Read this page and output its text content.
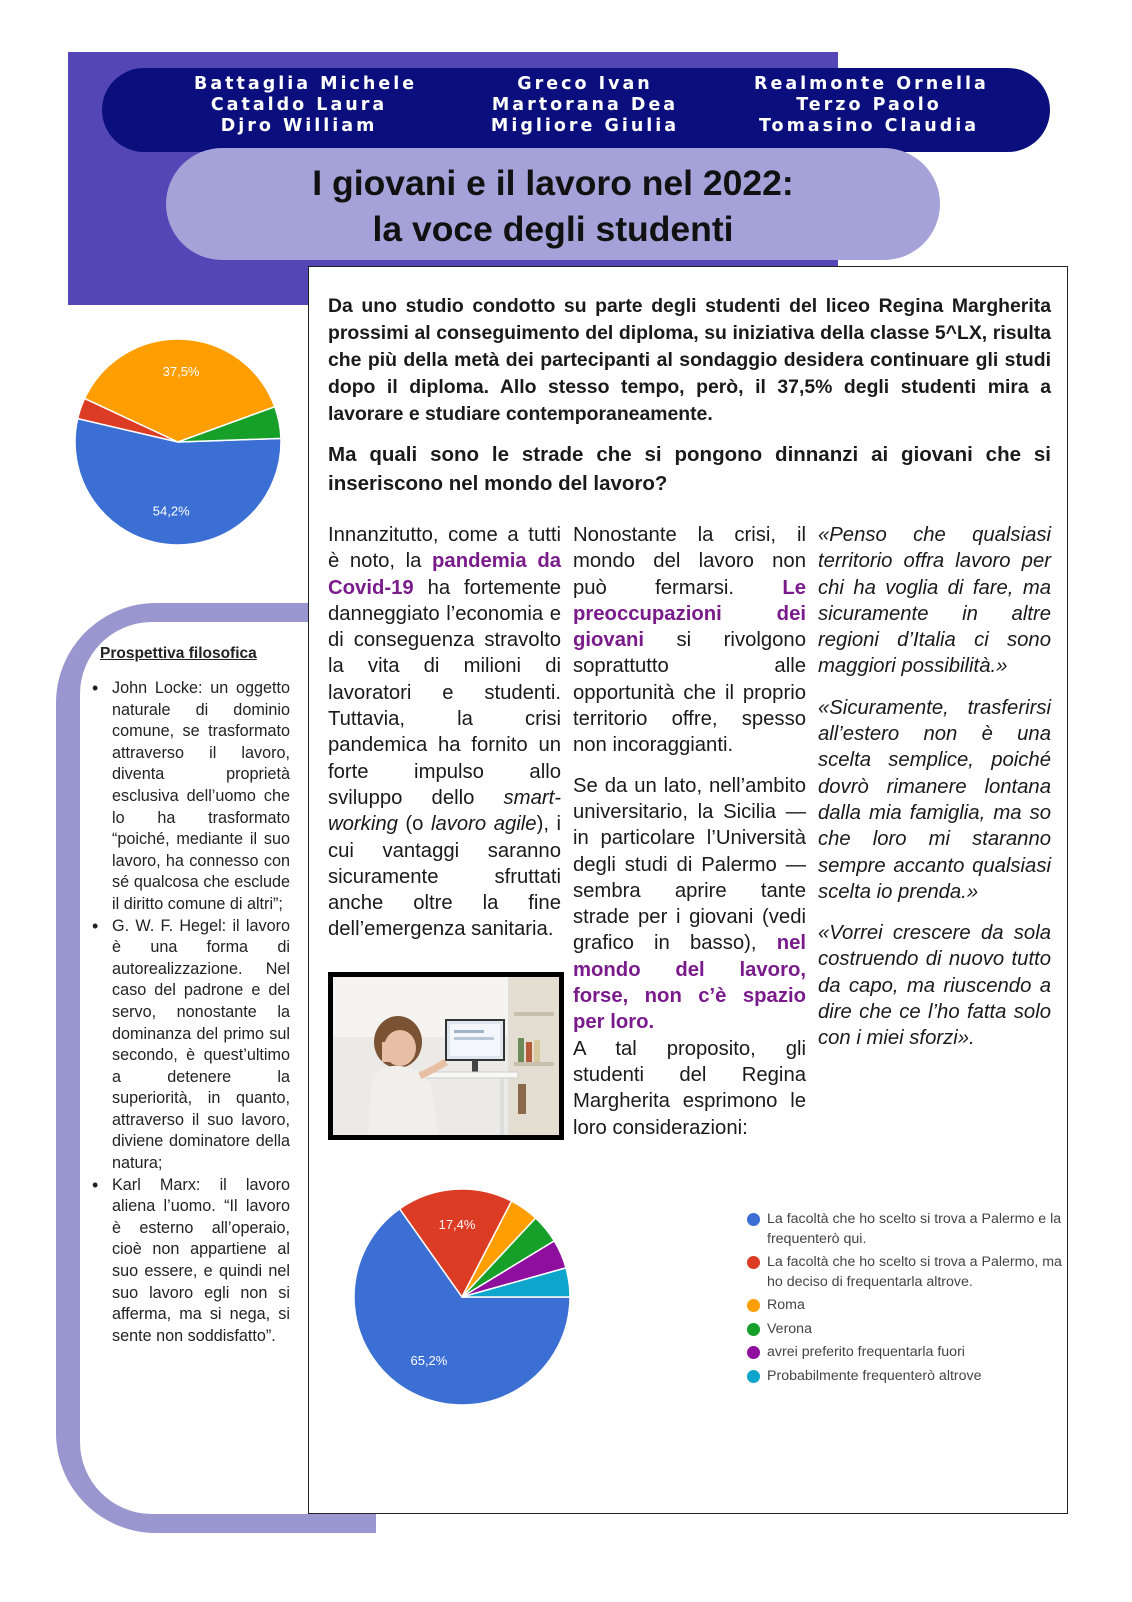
Battaglia Michele
Cataldo Laura
Djro William
Greco Ivan
Martorana Dea
Migliore Giulia
Realmonte Ornella
Terzo Paolo
Tomasino Claudia
I giovani e il lavoro nel 2022:
la voce degli studenti
Da uno studio condotto su parte degli studenti del liceo Regina Margherita prossimi al conseguimento del diploma, su iniziativa della classe 5^LX, risulta che più della metà dei partecipanti al sondaggio desidera continuare gli studi dopo il diploma. Allo stesso tempo, però, il 37,5% degli studenti mira a lavorare e studiare contemporaneamente.
Ma quali sono le strade che si pongono dinnanzi ai giovani che si inseriscono nel mondo del lavoro?
Innanzitutto, come a tutti è noto, la pandemia da Covid-19 ha fortemente danneggiato l’economia e di conseguenza stravolto la vita di milioni di lavoratori e studenti. Tuttavia, la crisi pandemica ha fornito un forte impulso allo sviluppo dello smart-working (o lavoro agile), i cui vantaggi saranno sicuramente sfruttati anche oltre la fine dell’emergenza sanitaria.

Nonostante la crisi, il mondo del lavoro non può fermarsi. Le preoccupazioni dei giovani si rivolgono soprattutto alle opportunità che il proprio territorio offre, spesso non incoraggianti.

Se da un lato, nell’ambito universitario, la Sicilia — in particolare l’Università degli studi di Palermo — sembra aprire tante strade per i giovani (vedi grafico in basso), nel mondo del lavoro, forse, non c’è spazio per loro.

A tal proposito, gli studenti del Regina Margherita esprimono le loro considerazioni:

«Penso che qualsiasi territorio offra lavoro per chi ha voglia di fare, ma sicuramente in altre regioni d’Italia ci sono maggiori possibilità.»

«Sicuramente, trasferirsi all’estero non è una scelta semplice, poiché dovrò rimanere lontana dalla mia famiglia, ma so che loro mi staranno sempre accanto qualsiasi scelta io prenda.»

«Vorrei crescere da sola costruendo di nuovo tutto da capo, ma riuscendo a dire che ce l’ho fatta solo con i miei sforzi».

54,2%
37,5%
65,2%
17,4%	La facoltà che ho scelto si trova a Palermo e la frequenterò qui.
La facoltà che ho scelto si trova a Palermo, ma ho deciso di frequentarla altrove.
Roma
Verona
avrei preferito frequentarla fuori
Probabilmente frequenterò altrove
Prospettiva filosofica
• John Locke: un oggetto naturale di dominio comune, se trasformato attraverso il lavoro, diventa proprietà esclusiva dell’uomo che lo ha trasformato “poiché, mediante il suo lavoro, ha connesso con sé qualcosa che esclude il diritto comune di altri”;
• G. W. F. Hegel: il lavoro è una forma di autorealizzazione. Nel caso del padrone e del servo, nonostante la dominanza del primo sul secondo, è quest’ultimo a detenere la superiorità, in quanto, attraverso il suo lavoro, diviene dominatore della natura;
• Karl Marx: il lavoro aliena l’uomo. “Il lavoro è esterno all’operaio, cioè non appartiene al suo essere, e quindi nel suo lavoro egli non si afferma, ma si nega, si sente non soddisfatto”.
